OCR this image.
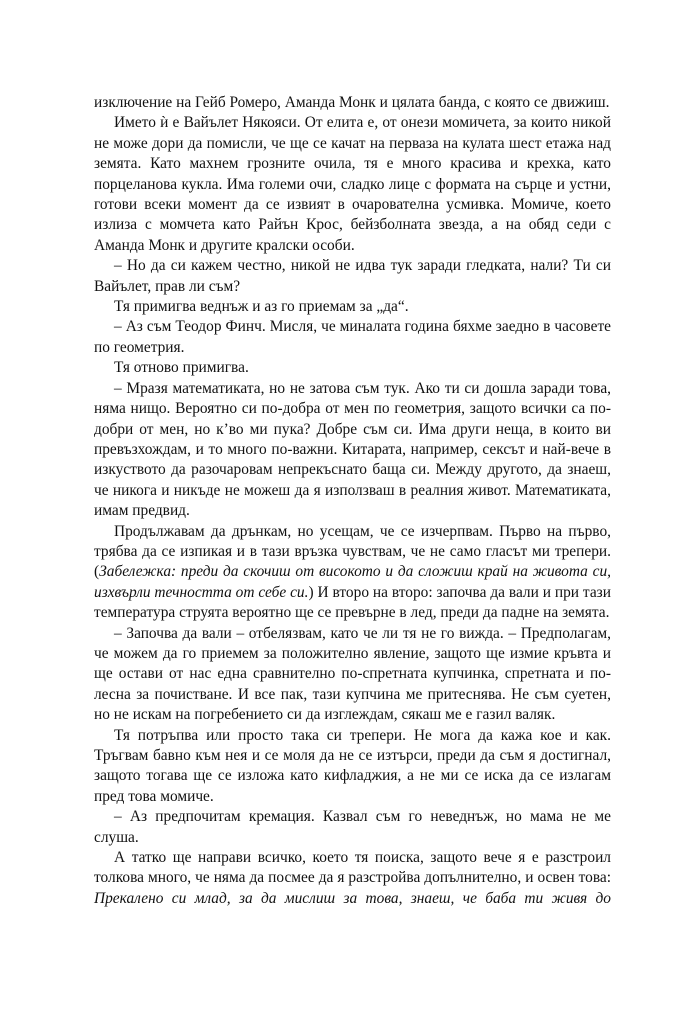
изключение на Гейб Ромеро, Аманда Монк и цялата банда, с която се движиш.

Името ѝ е Вайълет Някояси. От елита е, от онези момичета, за които никой не може дори да помисли, че ще се качат на перваза на кулата шест етажа над земята. Като махнем грозните очила, тя е много красива и крехка, като порцеланова кукла. Има големи очи, сладко лице с формата на сърце и устни, готови всеки момент да се извият в очарователна усмивка. Момиче, което излиза с момчета като Райън Крос, бейзболната звезда, а на обяд седи с Аманда Монк и другите кралски особи.

– Но да си кажем честно, никой не идва тук заради гледката, нали? Ти си Вайълет, прав ли съм?

Тя примигва веднъж и аз го приемам за „да“.

– Аз съм Теодор Финч. Мисля, че миналата година бяхме заедно в часовете по геометрия.

Тя отново примигва.

– Мразя математиката, но не затова съм тук. Ако ти си дошла заради това, няма нищо. Вероятно си по-добра от мен по геометрия, защото всички са по-добри от мен, но к’во ми пука? Добре съм си. Има други неща, в които ви превъзхождам, и то много по-важни. Китарата, например, сексът и най-вече в изкуството да разочаровам непрекъснато баща си. Между другото, да знаеш, че никога и никъде не можеш да я използваш в реалния живот. Математиката, имам предвид.

Продължавам да дрънкам, но усещам, че се изчерпвам. Първо на първо, трябва да се изпикая и в тази връзка чувствам, че не само гласът ми трепери. (Забележка: преди да скочиш от високото и да сложиш край на живота си, изхвърли течността от себе си.) И второ на второ: започва да вали и при тази температура струята вероятно ще се превърне в лед, преди да падне на земята.

– Започва да вали – отбелязвам, като че ли тя не го вижда. – Предполагам, че можем да го приемем за положително явление, защото ще измие кръвта и ще остави от нас една сравнително по-спретната купчинка, спретната и по-лесна за почистване. И все пак, тази купчина ме притеснява. Не съм суетен, но не искам на погребението си да изглеждам, сякаш ме е газил валяк.

Тя потръпва или просто така си трепери. Не мога да кажа кое и как. Тръгвам бавно към нея и се моля да не се изтърси, преди да съм я достигнал, защото тогава ще се изложа като кифладжия, а не ми се иска да се излагам пред това момиче.

– Аз предпочитам кремация. Казвал съм го неведнъж, но мама не ме слуша.

А татко ще направи всичко, което тя поиска, защото вече я е разстроил толкова много, че няма да посмее да я разстройва допълнително, и освен това: Прекалено си млад, за да мислиш за това, знаеш, че баба ти живя до
